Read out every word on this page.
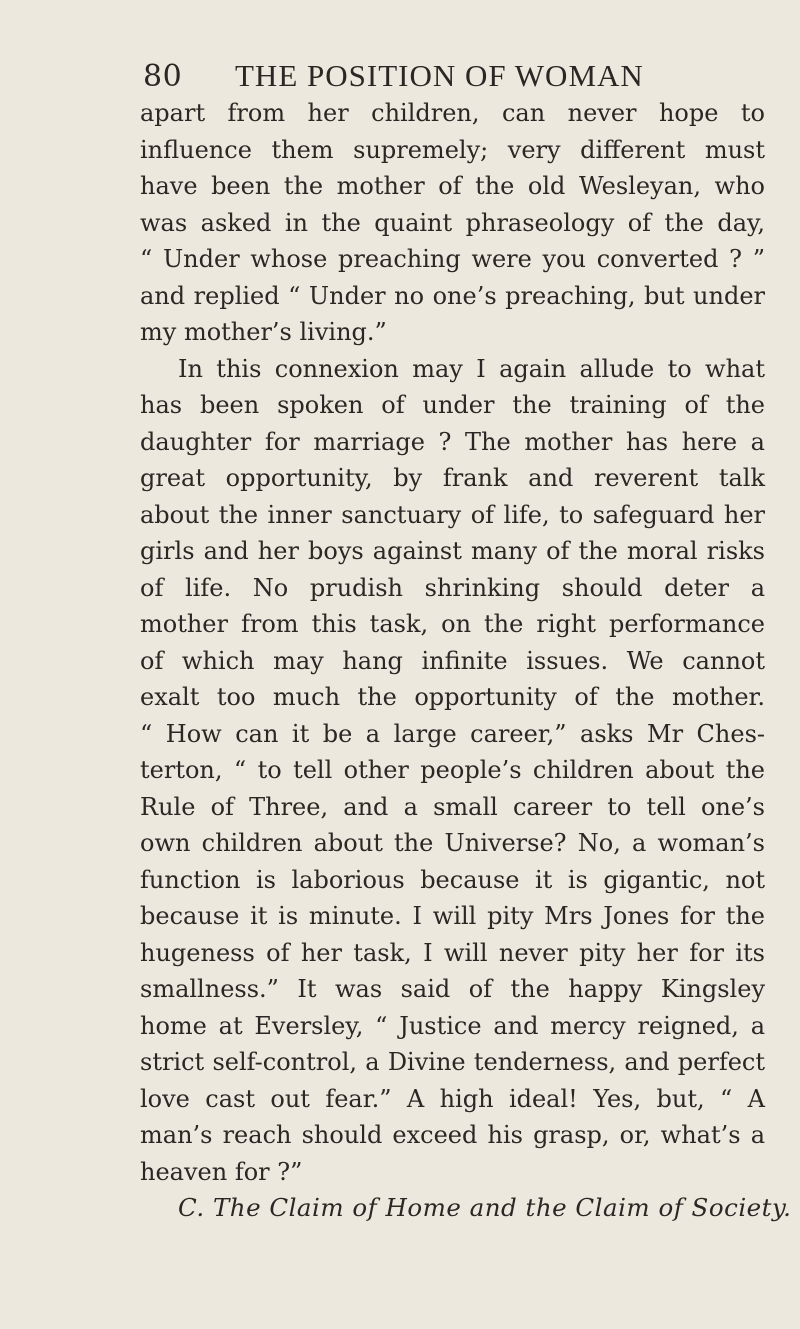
80	THE POSITION OF WOMAN
apart from her children, can never hope to
influence them supremely; very different must
have been the mother of the old Wesleyan, who
was asked in the quaint phraseology of the day,
“ Under whose preaching were you converted ? ”
and replied “ Under no one’s preaching, but under
my mother’s living.”
In this connexion may I again allude to what
has been spoken of under the training of the
daughter for marriage ? The mother has here a
great opportunity, by frank and reverent talk
about the inner sanctuary of life, to safeguard her
girls and her boys against many of the moral risks
of life. No prudish shrinking should deter a
mother from this task, on the right performance
of which may hang infinite issues. We cannot
exalt too much the opportunity of the mother.
“ How can it be a large career,” asks Mr Ches-
terton, “ to tell other people’s children about the
Rule of Three, and a small career to tell one’s
own children about the Universe? No, a woman’s
function is laborious because it is gigantic, not
because it is minute. I will pity Mrs Jones for the
hugeness of her task, I will never pity her for its
smallness.” It was said of the happy Kingsley
home at Eversley, “ Justice and mercy reigned, a
strict self-control, a Divine tenderness, and perfect
love cast out fear.” A high ideal! Yes, but, “ A
man’s reach should exceed his grasp, or, what’s a
heaven for ?”
C. The Claim of Home and the Claim of Society.
